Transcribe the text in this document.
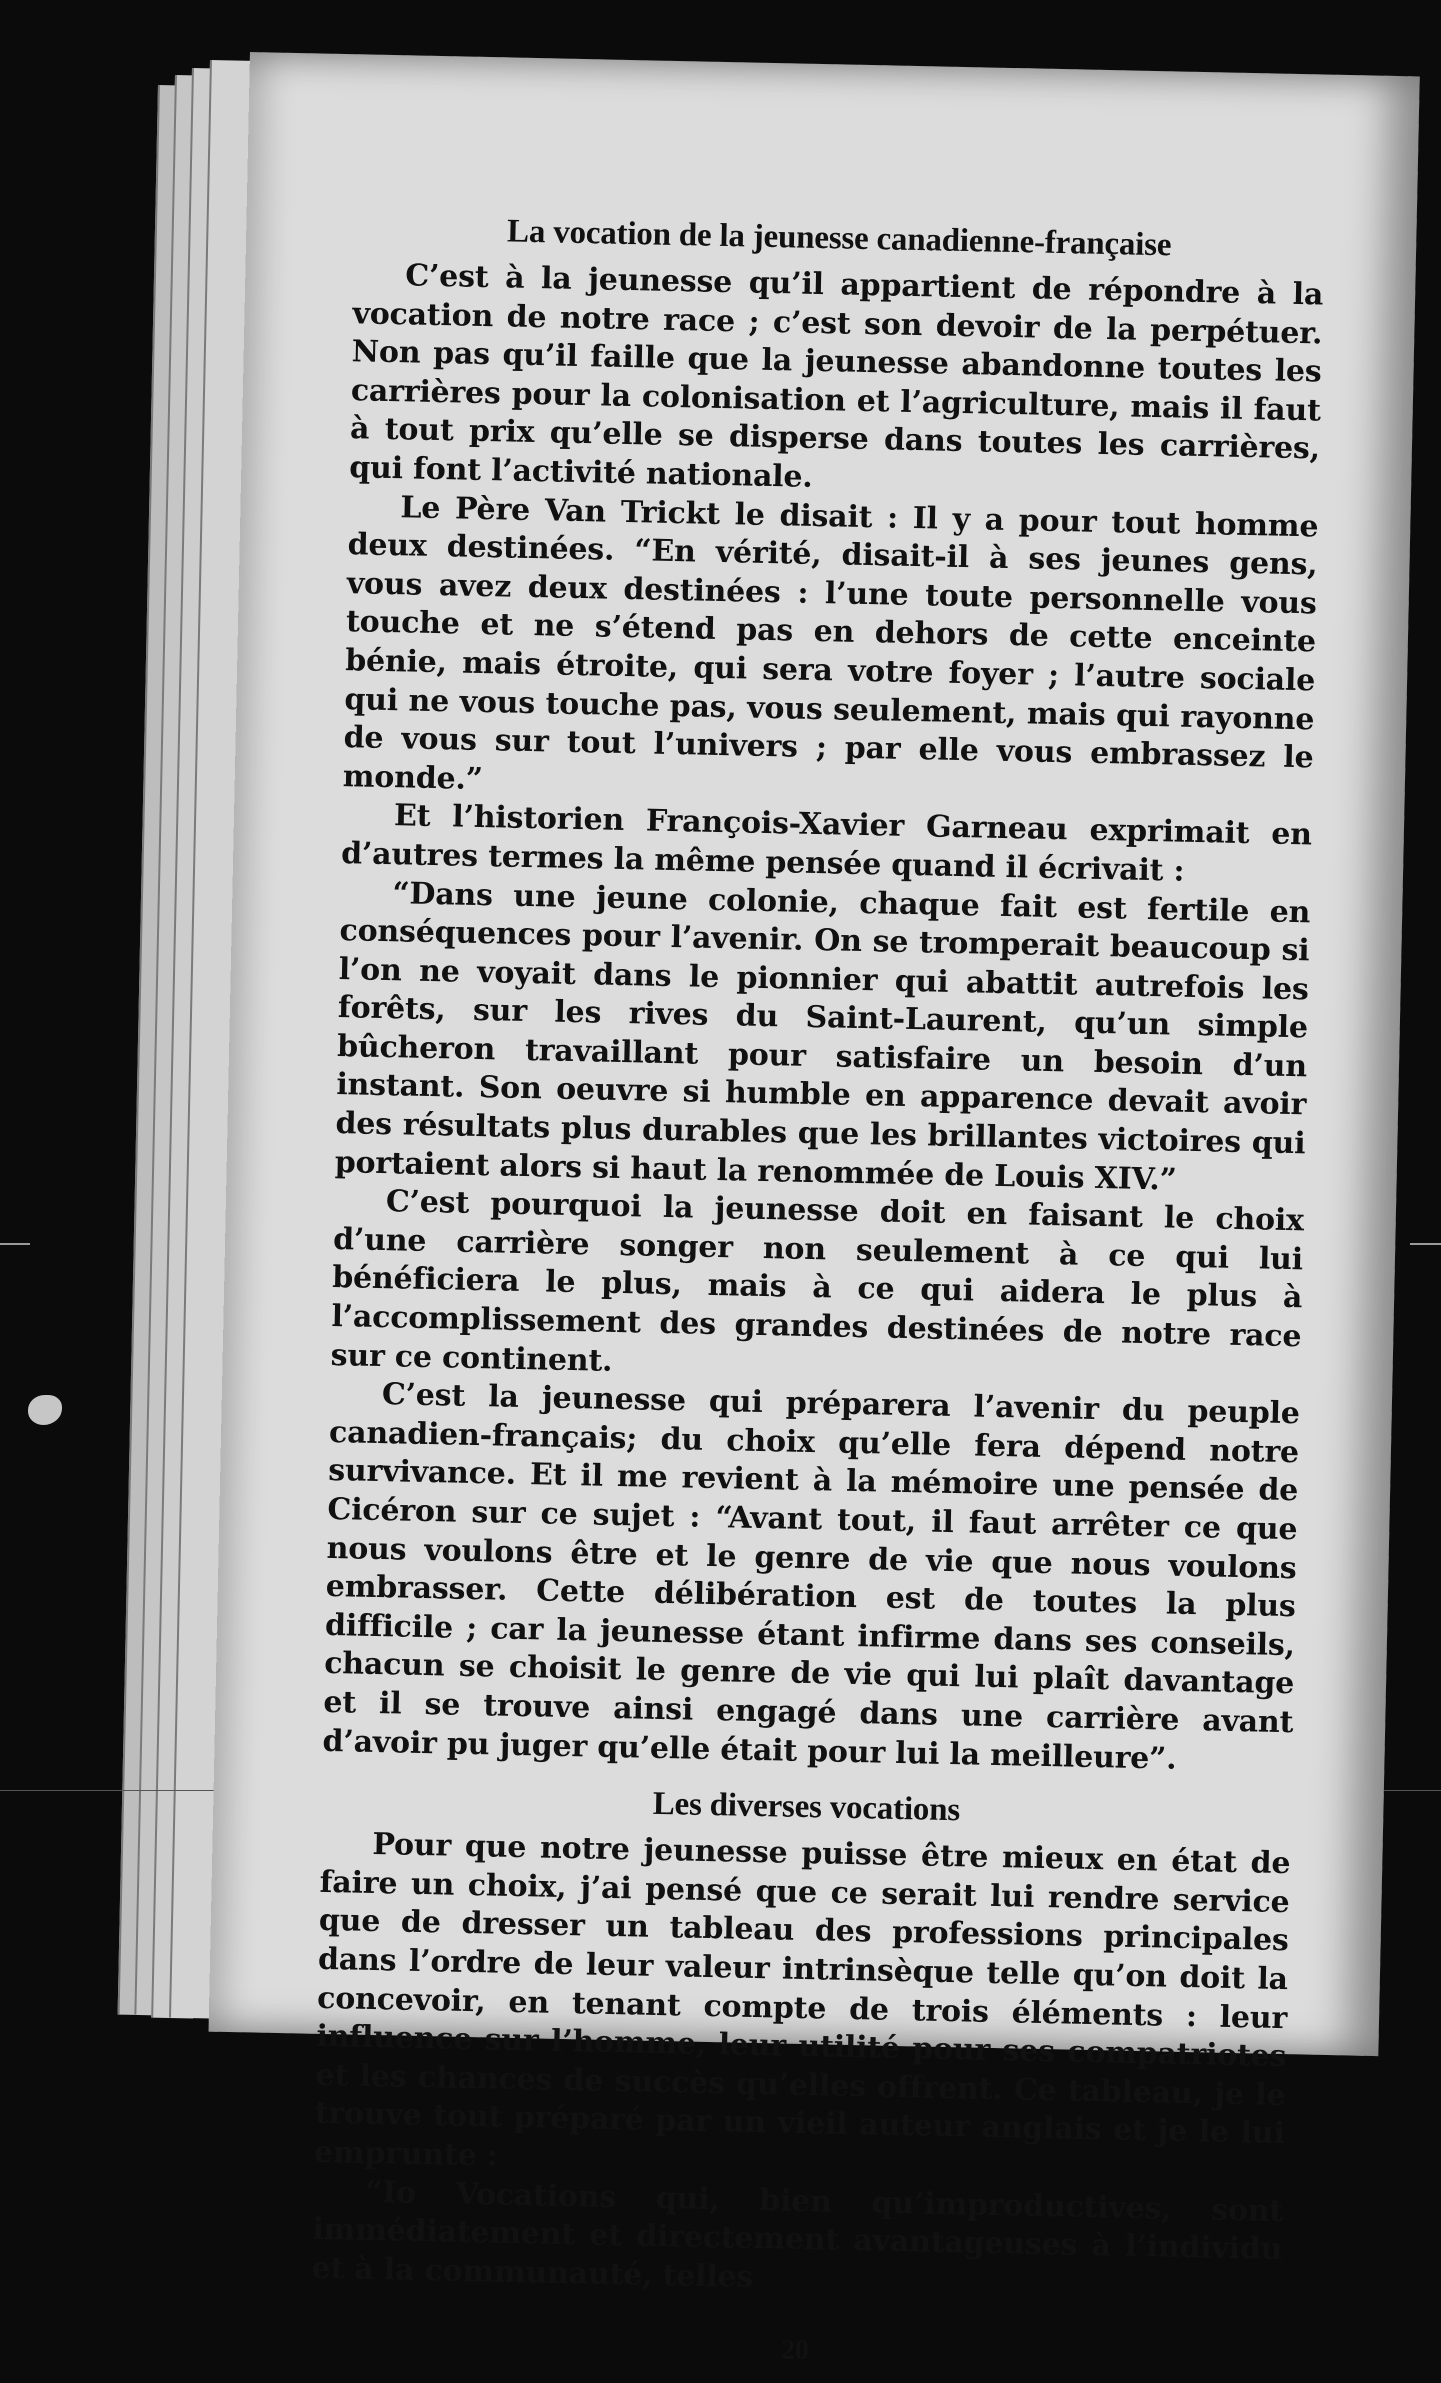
La vocation de la jeunesse canadienne-française

C’est à la jeunesse qu’il appartient de répondre à la vocation de notre race ; c’est son devoir de la perpétuer. Non pas qu’il faille que la jeunesse abandonne toutes les carrières pour la colonisation et l’agriculture, mais il faut à tout prix qu’elle se disperse dans toutes les carrières, qui font l’activité nationale.

Le Père Van Trickt le disait : Il y a pour tout homme deux destinées. “En vérité, disait-il à ses jeunes gens, vous avez deux destinées : l’une toute personnelle vous touche et ne s’étend pas en dehors de cette enceinte bénie, mais étroite, qui sera votre foyer ; l’autre sociale qui ne vous touche pas, vous seulement, mais qui rayonne de vous sur tout l’univers ; par elle vous embrassez le monde.”

Et l’historien François-Xavier Garneau exprimait en d’autres termes la même pensée quand il écrivait :

“Dans une jeune colonie, chaque fait est fertile en conséquences pour l’avenir. On se tromperait beaucoup si l’on ne voyait dans le pionnier qui abattit autrefois les forêts, sur les rives du Saint-Laurent, qu’un simple bûcheron travaillant pour satisfaire un besoin d’un instant. Son oeuvre si humble en apparence devait avoir des résultats plus durables que les brillantes victoires qui portaient alors si haut la renommée de Louis XIV.”

C’est pourquoi la jeunesse doit en faisant le choix d’une carrière songer non seulement à ce qui lui bénéficiera le plus, mais à ce qui aidera le plus à l’accomplissement des grandes destinées de notre race sur ce continent.

C’est la jeunesse qui préparera l’avenir du peuple canadien-français; du choix qu’elle fera dépend notre survivance. Et il me revient à la mémoire une pensée de Cicéron sur ce sujet : “Avant tout, il faut arrêter ce que nous voulons être et le genre de vie que nous voulons embrasser. Cette délibération est de toutes la plus difficile ; car la jeunesse étant infirme dans ses conseils, chacun se choisit le genre de vie qui lui plaît davantage et il se trouve ainsi engagé dans une carrière avant d’avoir pu juger qu’elle était pour lui la meilleure”.

Les diverses vocations

Pour que notre jeunesse puisse être mieux en état de faire un choix, j’ai pensé que ce serait lui rendre service que de dresser un tableau des professions principales dans l’ordre de leur valeur intrinsèque telle qu’on doit la concevoir, en tenant compte de trois éléments : leur influence sur l’homme, leur utilité pour ses compatriotes et les chances de succès qu’elles offrent. Ce tableau, je le trouve tout préparé par un vieil auteur anglais et je le lui emprunte :

“Io Vocations qui, bien qu’improductives, sont immédiatement et directement avantageuses à l’individu et à la communauté, telles

20
